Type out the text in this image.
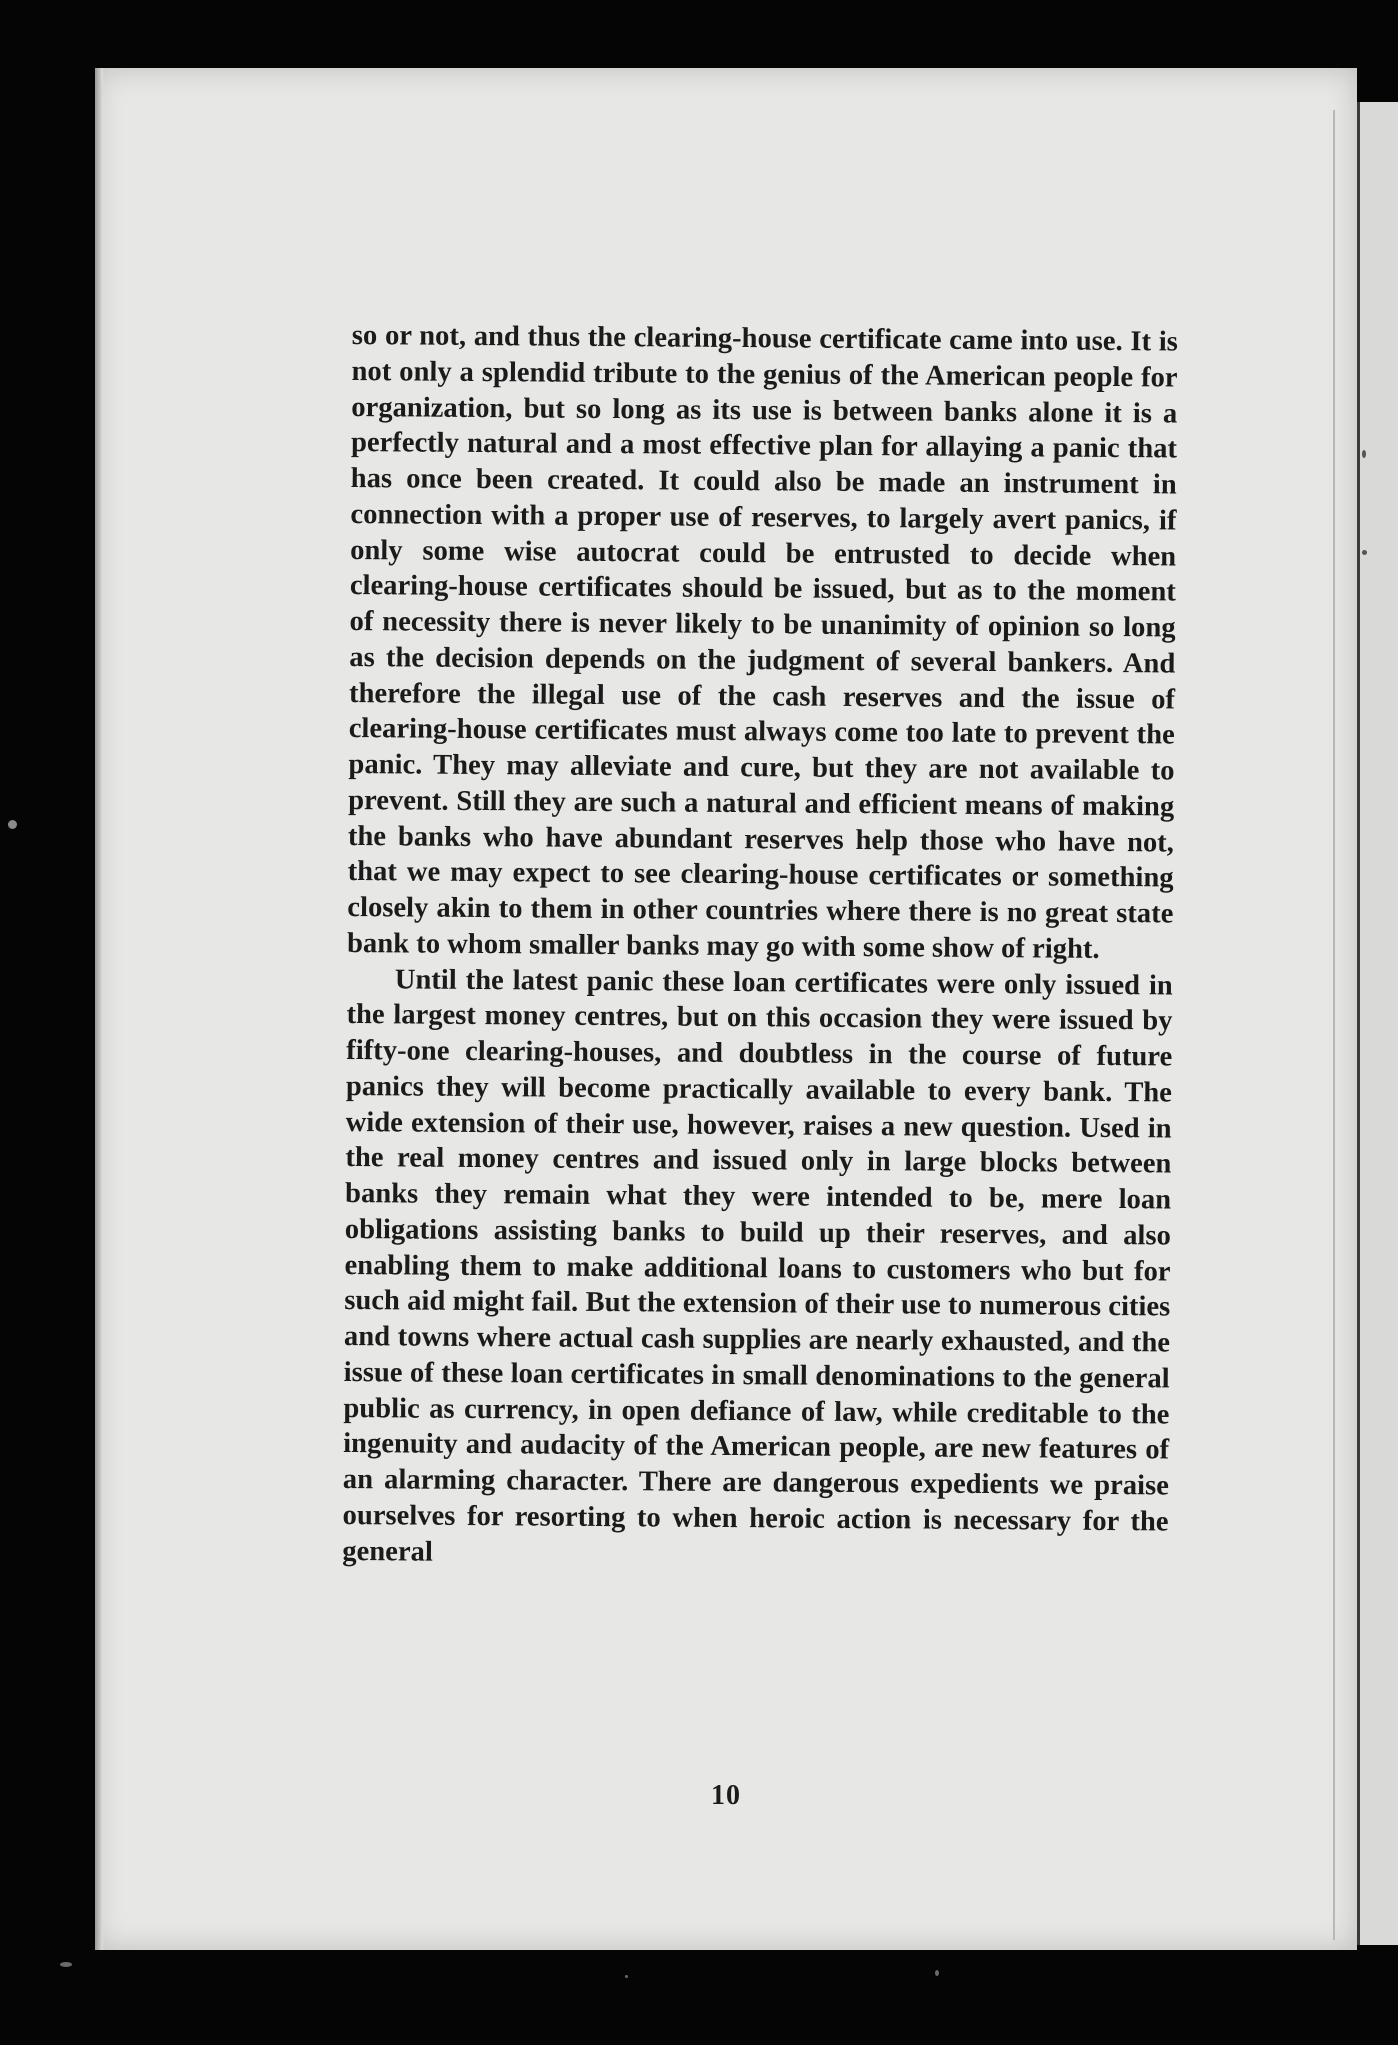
10

so or not, and thus the clearing-house certificate came into use. It is not only a splendid tribute to the genius of the American people for organization, but so long as its use is between banks alone it is a perfectly natural and a most effective plan for allaying a panic that has once been created. It could also be made an instrument in connection with a proper use of reserves, to largely avert panics, if only some wise autocrat could be entrusted to decide when clearing-house certificates should be issued, but as to the moment of necessity there is never likely to be unanimity of opinion so long as the decision depends on the judgment of several bankers. And therefore the illegal use of the cash reserves and the issue of clearing-house certificates must always come too late to prevent the panic. They may alleviate and cure, but they are not available to prevent. Still they are such a natural and efficient means of making the banks who have abundant reserves help those who have not, that we may expect to see clearing-house certificates or something closely akin to them in other countries where there is no great state bank to whom smaller banks may go with some show of right.

Until the latest panic these loan certificates were only issued in the largest money centres, but on this occasion they were issued by fifty-one clearing-houses, and doubtless in the course of future panics they will become practically available to every bank. The wide extension of their use, however, raises a new question. Used in the real money centres and issued only in large blocks between banks they remain what they were intended to be, mere loan obligations assisting banks to build up their reserves, and also enabling them to make additional loans to customers who but for such aid might fail. But the extension of their use to numerous cities and towns where actual cash supplies are nearly exhausted, and the issue of these loan certificates in small denominations to the general public as currency, in open defiance of law, while creditable to the ingenuity and audacity of the American people, are new features of an alarming character. There are dangerous expedients we praise ourselves for resorting to when heroic action is necessary for the general
